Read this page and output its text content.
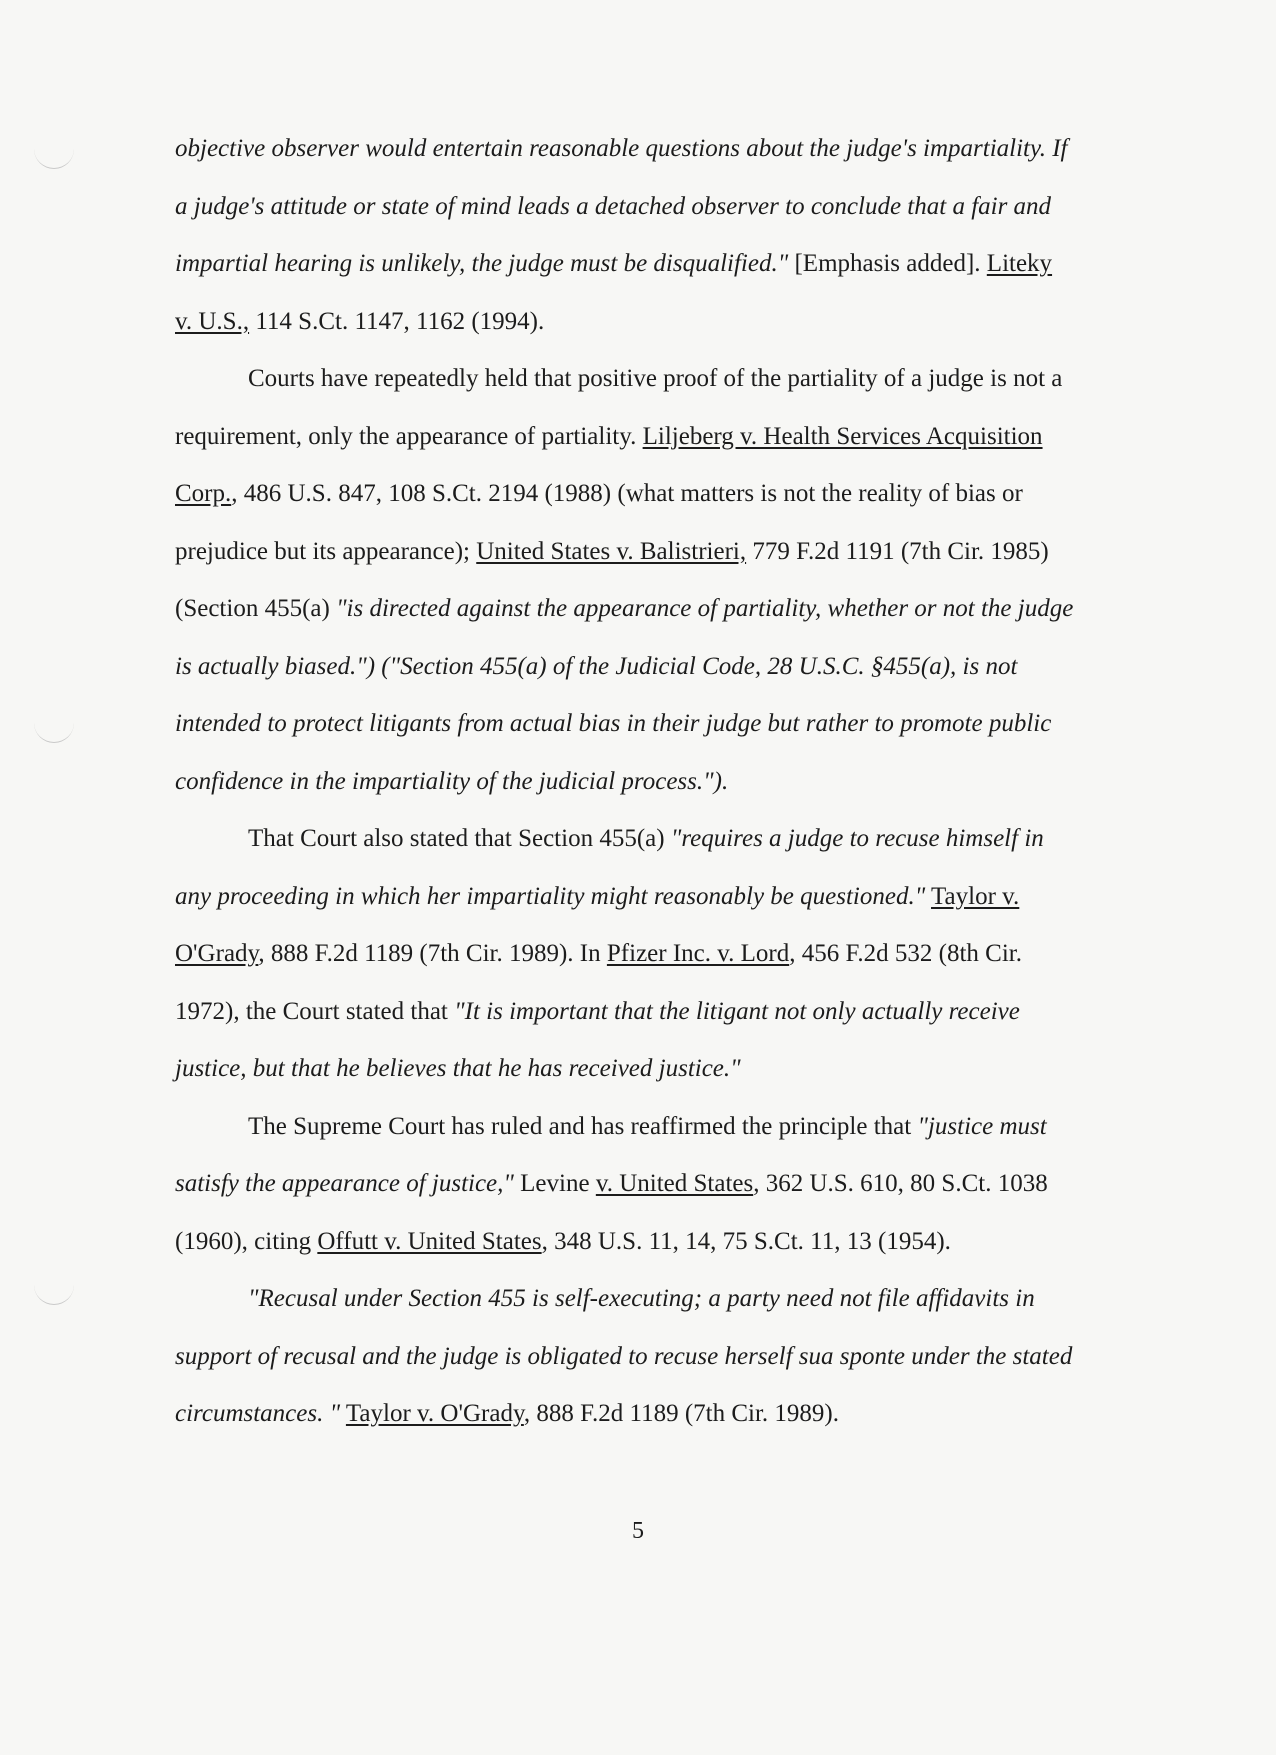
objective observer would entertain reasonable questions about the judge's impartiality. If a judge's attitude or state of mind leads a detached observer to conclude that a fair and impartial hearing is unlikely, the judge must be disqualified." [Emphasis added]. Liteky v. U.S., 114 S.Ct. 1147, 1162 (1994).

Courts have repeatedly held that positive proof of the partiality of a judge is not a requirement, only the appearance of partiality. Liljeberg v. Health Services Acquisition Corp., 486 U.S. 847, 108 S.Ct. 2194 (1988) (what matters is not the reality of bias or prejudice but its appearance); United States v. Balistrieri, 779 F.2d 1191 (7th Cir. 1985) (Section 455(a) "is directed against the appearance of partiality, whether or not the judge is actually biased.") ("Section 455(a) of the Judicial Code, 28 U.S.C. §455(a), is not intended to protect litigants from actual bias in their judge but rather to promote public confidence in the impartiality of the judicial process.").

That Court also stated that Section 455(a) "requires a judge to recuse himself in any proceeding in which her impartiality might reasonably be questioned." Taylor v. O'Grady, 888 F.2d 1189 (7th Cir. 1989). In Pfizer Inc. v. Lord, 456 F.2d 532 (8th Cir. 1972), the Court stated that "It is important that the litigant not only actually receive justice, but that he believes that he has received justice."

The Supreme Court has ruled and has reaffirmed the principle that "justice must satisfy the appearance of justice," Levine v. United States, 362 U.S. 610, 80 S.Ct. 1038 (1960), citing Offutt v. United States, 348 U.S. 11, 14, 75 S.Ct. 11, 13 (1954).

"Recusal under Section 455 is self-executing; a party need not file affidavits in support of recusal and the judge is obligated to recuse herself sua sponte under the stated circumstances. " Taylor v. O'Grady, 888 F.2d 1189 (7th Cir. 1989).

5
